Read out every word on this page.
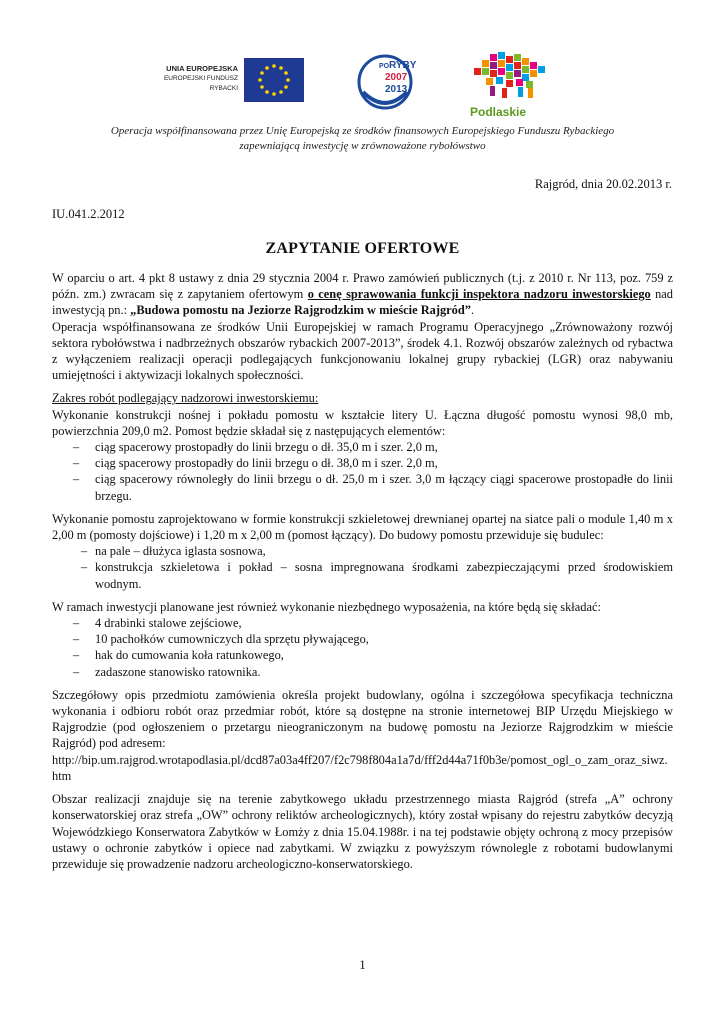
UNIA EUROPEJSKA
EUROPEJSKI FUNDUSZ
RYBACKI
PO RYBY
2007
2013
Podlaskie
Operacja współfinansowana przez Unię Europejską ze środków finansowych Europejskiego Funduszu Rybackiego
zapewniającą inwestycję w zrównoważone rybołówstwo
Rajgród, dnia 20.02.2013 r.
IU.041.2.2012
ZAPYTANIE OFERTOWE

W oparciu o art. 4 pkt 8 ustawy z dnia 29 stycznia 2004 r. Prawo zamówień publicznych (t.j. z 2010 r. Nr 113, poz. 759 z późn. zm.) zwracam się z zapytaniem ofertowym o cenę sprawowania funkcji inspektora nadzoru inwestorskiego nad inwestycją pn.: „Budowa pomostu na Jeziorze Rajgrodzkim w mieście Rajgród”.

Operacja współfinansowana ze środków Unii Europejskiej w ramach Programu Operacyjnego „Zrównoważony rozwój sektora rybołówstwa i nadbrzeżnych obszarów rybackich 2007-2013”, środek 4.1. Rozwój obszarów zależnych od rybactwa z wyłączeniem realizacji operacji podlegających funkcjonowaniu lokalnej grupy rybackiej (LGR) oraz nabywaniu umiejętności i aktywizacji lokalnych społeczności.

Zakres robót podlegający nadzorowi inwestorskiemu:

Wykonanie konstrukcji nośnej i pokładu pomostu w kształcie litery U. Łączna długość pomostu wynosi 98,0 mb, powierzchnia 209,0 m2. Pomost będzie składał się z następujących elementów:

– ciąg spacerowy prostopadły do linii brzegu o dł. 35,0 m i szer. 2,0 m,
– ciąg spacerowy prostopadły do linii brzegu o dł. 38,0 m i szer. 2,0 m,
– ciąg spacerowy równoległy do linii brzegu o dł. 25,0 m i szer. 3,0 m łączący ciągi spacerowe prostopadłe do linii brzegu.

Wykonanie pomostu zaprojektowano w formie konstrukcji szkieletowej drewnianej opartej na siatce pali o module 1,40 m x 2,00 m (pomosty dojściowe) i 1,20 m x 2,00 m (pomost łączący). Do budowy pomostu przewiduje się budulec:

– na pale – dłużyca iglasta sosnowa,
– konstrukcja szkieletowa i pokład – sosna impregnowana środkami zabezpieczającymi przed środowiskiem wodnym.

W ramach inwestycji planowane jest również wykonanie niezbędnego wyposażenia, na które będą się składać:

– 4 drabinki stalowe zejściowe,
– 10 pachołków cumowniczych dla sprzętu pływającego,
– hak do cumowania koła ratunkowego,
– zadaszone stanowisko ratownika.

Szczegółowy opis przedmiotu zamówienia określa projekt budowlany, ogólna i szczegółowa specyfikacja techniczna wykonania i odbioru robót oraz przedmiar robót, które są dostępne na stronie internetowej BIP Urzędu Miejskiego w Rajgrodzie (pod ogłoszeniem o przetargu nieograniczonym na budowę pomostu na Jeziorze Rajgrodzkim w mieście Rajgród) pod adresem:

http://bip.um.rajgrod.wrotapodlasia.pl/dcd87a03a4ff207/f2c798f804a1a7d/fff2d44a71f0b3e/pomost_ogl_o_zam_oraz_siwz.htm

Obszar realizacji znajduje się na terenie zabytkowego układu przestrzennego miasta Rajgród (strefa „A” ochrony konserwatorskiej oraz strefa „OW” ochrony reliktów archeologicznych), który został wpisany do rejestru zabytków decyzją Wojewódzkiego Konserwatora Zabytków w Łomży z dnia 15.04.1988r. i na tej podstawie objęty ochroną z mocy przepisów ustawy o ochronie zabytków i opiece nad zabytkami. W związku z powyższym równolegle z robotami budowlanymi przewiduje się prowadzenie nadzoru archeologiczno-konserwatorskiego.

1
